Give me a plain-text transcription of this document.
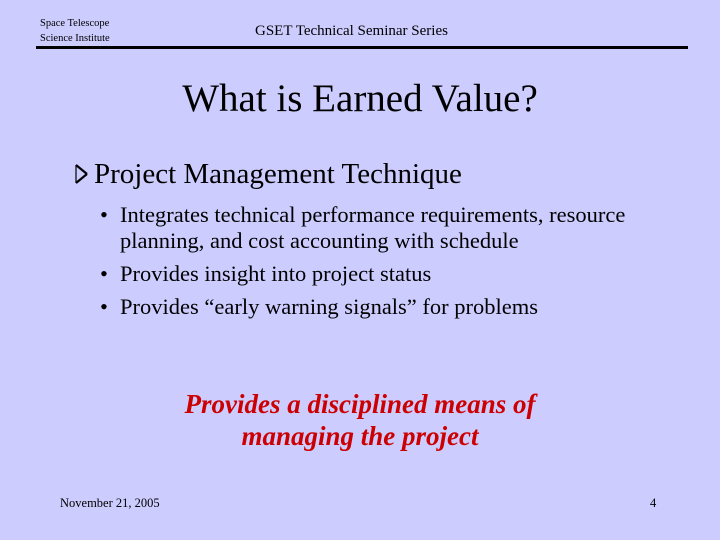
Space Telescope
Science Institute	GSET Technical Seminar Series
What is Earned Value?
Project Management Technique
• Integrates technical performance requirements, resource planning, and cost accounting with schedule
• Provides insight into project status
• Provides “early warning signals” for problems
Provides a disciplined means of
managing the project
November 21, 2005	4
